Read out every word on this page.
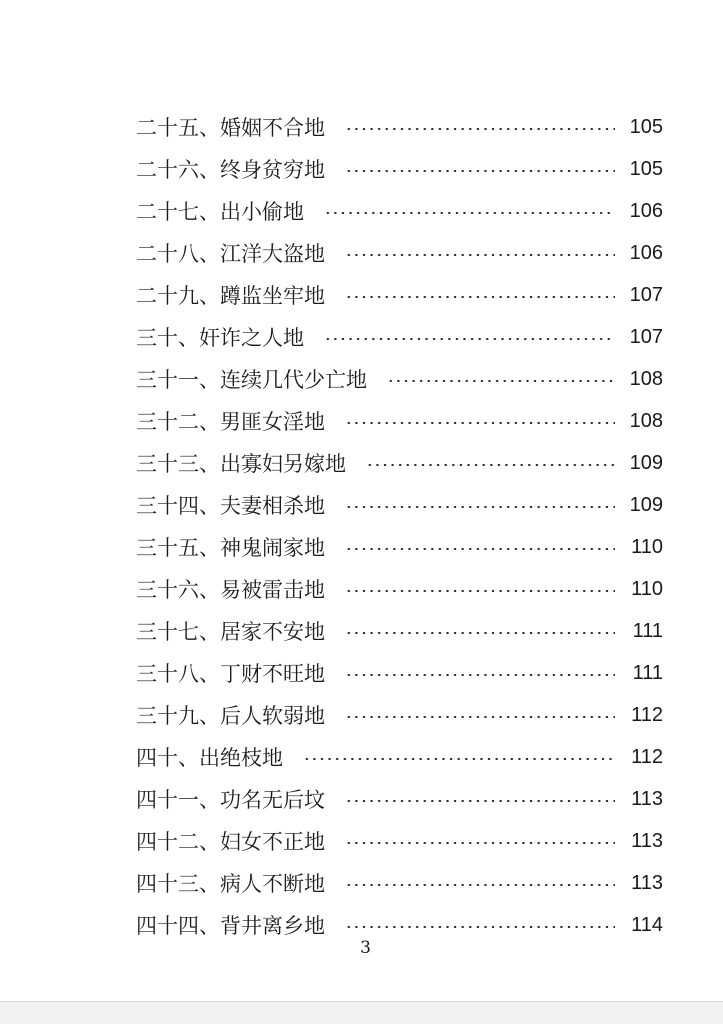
二十五、婚姻不合地	105
二十六、终身贫穷地	105
二十七、出小偷地	106
二十八、江洋大盗地	106
二十九、蹲监坐牢地	107
三十、奸诈之人地	107
三十一、连续几代少亡地	108
三十二、男匪女淫地	108
三十三、出寡妇另嫁地	109
三十四、夫妻相杀地	109
三十五、神鬼闹家地	110
三十六、易被雷击地	110
三十七、居家不安地	111
三十八、丁财不旺地	111
三十九、后人软弱地	112
四十、出绝枝地	112
四十一、功名无后坟	113
四十二、妇女不正地	113
四十三、病人不断地	113
四十四、背井离乡地	114
3
